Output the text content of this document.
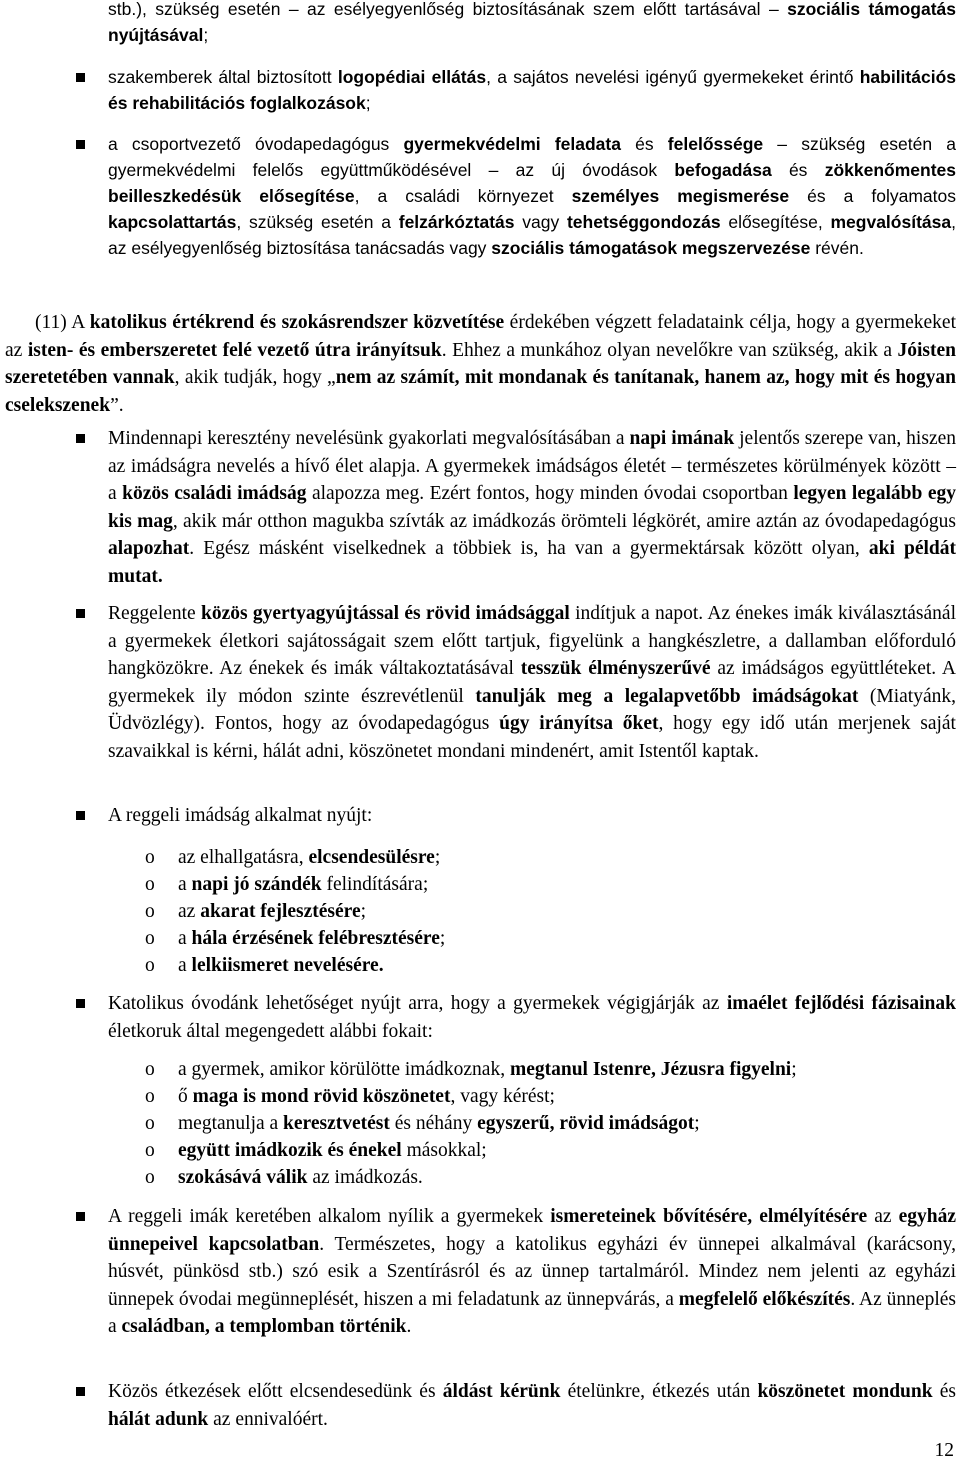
stb.), szükség esetén – az esélyegyenlőség biztosításának szem előtt tartásával – szociális támogatás nyújtásával;

szakemberek által biztosított logopédiai ellátás, a sajátos nevelési igényű gyermekeket érintő habilitációs és rehabilitációs foglalkozások;

a csoportvezető óvodapedagógus gyermekvédelmi feladata és felelőssége – szükség esetén a gyermekvédelmi felelős együttműködésével – az új óvodások befogadása és zökkenőmentes beilleszkedésük elősegítése, a családi környezet személyes megismerése és a folyamatos kapcsolattartás, szükség esetén a felzárkóztatás vagy tehetséggondozás elősegítése, megvalósítása, az esélyegyenlőség biztosítása tanácsadás vagy szociális támogatások megszervezése révén.

(11) A katolikus értékrend és szokásrendszer közvetítése érdekében végzett feladataink célja, hogy a gyermekeket az isten- és emberszeretet felé vezető útra irányítsuk. Ehhez a munkához olyan nevelőkre van szükség, akik a Jóisten szeretetében vannak, akik tudják, hogy „nem az számít, mit mondanak és tanítanak, hanem az, hogy mit és hogyan cselekszenek”.

Mindennapi keresztény nevelésünk gyakorlati megvalósításában a napi imának jelentős szerepe van, hiszen az imádságra nevelés a hívő élet alapja. A gyermekek imádságos életét – természetes körülmények között – a közös családi imádság alapozza meg. Ezért fontos, hogy minden óvodai csoportban legyen legalább egy kis mag, akik már otthon magukba szívták az imádkozás örömteli légkörét, amire aztán az óvodapedagógus alapozhat. Egész másként viselkednek a többiek is, ha van a gyermektársak között olyan, aki példát mutat.

Reggelente közös gyertyagyújtással és rövid imádsággal indítjuk a napot. Az énekes imák kiválasztásánál a gyermekek életkori sajátosságait szem előtt tartjuk, figyelünk a hangkészletre, a dallamban előforduló hangközökre. Az énekek és imák váltakoztatásával tesszük élményszerűvé az imádságos együttléteket. A gyermekek ily módon szinte észrevétlenül tanulják meg a legalapvetőbb imádságokat (Miatyánk, Üdvözlégy). Fontos, hogy az óvodapedagógus úgy irányítsa őket, hogy egy idő után merjenek saját szavaikkal is kérni, hálát adni, köszönetet mondani mindenért, amit Istentől kaptak.

A reggeli imádság alkalmat nyújt:

o az elhallgatásra, elcsendesülésre;

o a napi jó szándék felindítására;

o az akarat fejlesztésére;

o a hála érzésének felébresztésére;

o a lelkiismeret nevelésére.

Katolikus óvodánk lehetőséget nyújt arra, hogy a gyermekek végigjárják az imaélet fejlődési fázisainak életkoruk által megengedett alábbi fokait:

o a gyermek, amikor körülötte imádkoznak, megtanul Istenre, Jézusra figyelni;

o ő maga is mond rövid köszönetet, vagy kérést;

o megtanulja a keresztvetést és néhány egyszerű, rövid imádságot;

o együtt imádkozik és énekel másokkal;

o szokásává válik az imádkozás.

A reggeli imák keretében alkalom nyílik a gyermekek ismereteinek bővítésére, elmélyítésére az egyház ünnepeivel kapcsolatban. Természetes, hogy a katolikus egyházi év ünnepei alkalmával (karácsony, húsvét, pünkösd stb.) szó esik a Szentírásról és az ünnep tartalmáról. Mindez nem jelenti az egyházi ünnepek óvodai megünneplését, hiszen a mi feladatunk az ünnepvárás, a megfelelő előkészítés. Az ünneplés a családban, a templomban történik.

Közös étkezések előtt elcsendesedünk és áldást kérünk ételünkre, étkezés után köszönetet mondunk és hálát adunk az ennivalóért.

12
